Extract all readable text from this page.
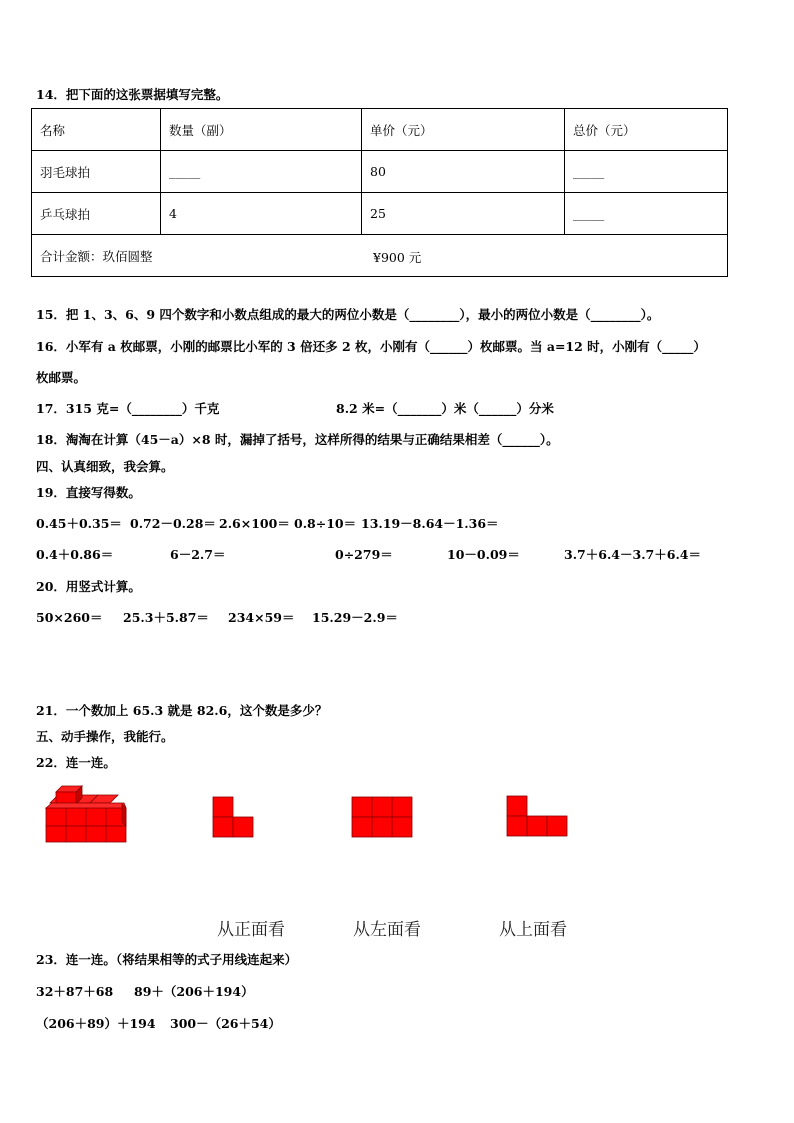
14．把下面的这张票据填写完整。
名称	数量（副）	单价（元）	总价（元）
羽毛球拍	_____	80	_____
乒乓球拍	4	25	_____
合计金额：玖佰圆整 ¥900 元			
15．把 1、3、6、9 四个数字和小数点组成的最大的两位小数是（________），最小的两位小数是（________）。
16．小军有 a 枚邮票，小刚的邮票比小军的 3 倍还多 2 枚，小刚有（______）枚邮票。当 a=12 时，小刚有（_____）
枚邮票。
17．315 克=（________）千克	8.2 米=（_______）米（______）分米
18．淘淘在计算（45－a）×8 时，漏掉了括号，这样所得的结果与正确结果相差（______）。
四、认真细致，我会算。
19．直接写得数。
0.45＋0.35＝ 0.72－0.28＝ 2.6×100＝ 0.8÷10＝ 13.19－8.64－1.36＝
0.4＋0.86＝	6－2.7＝	0÷279＝	10－0.09＝	3.7＋6.4－3.7＋6.4＝
20．用竖式计算。
50×260＝ 25.3＋5.87＝ 234×59＝ 15.29－2.9＝
21．一个数加上 65.3 就是 82.6，这个数是多少？
五、动手操作，我能行。
22．连一连。
从正面看	从左面看	从上面看
23．连一连。（将结果相等的式子用线连起来）
32＋87＋68 89＋（206＋194）
（206＋89）＋194 300－（26＋54）
